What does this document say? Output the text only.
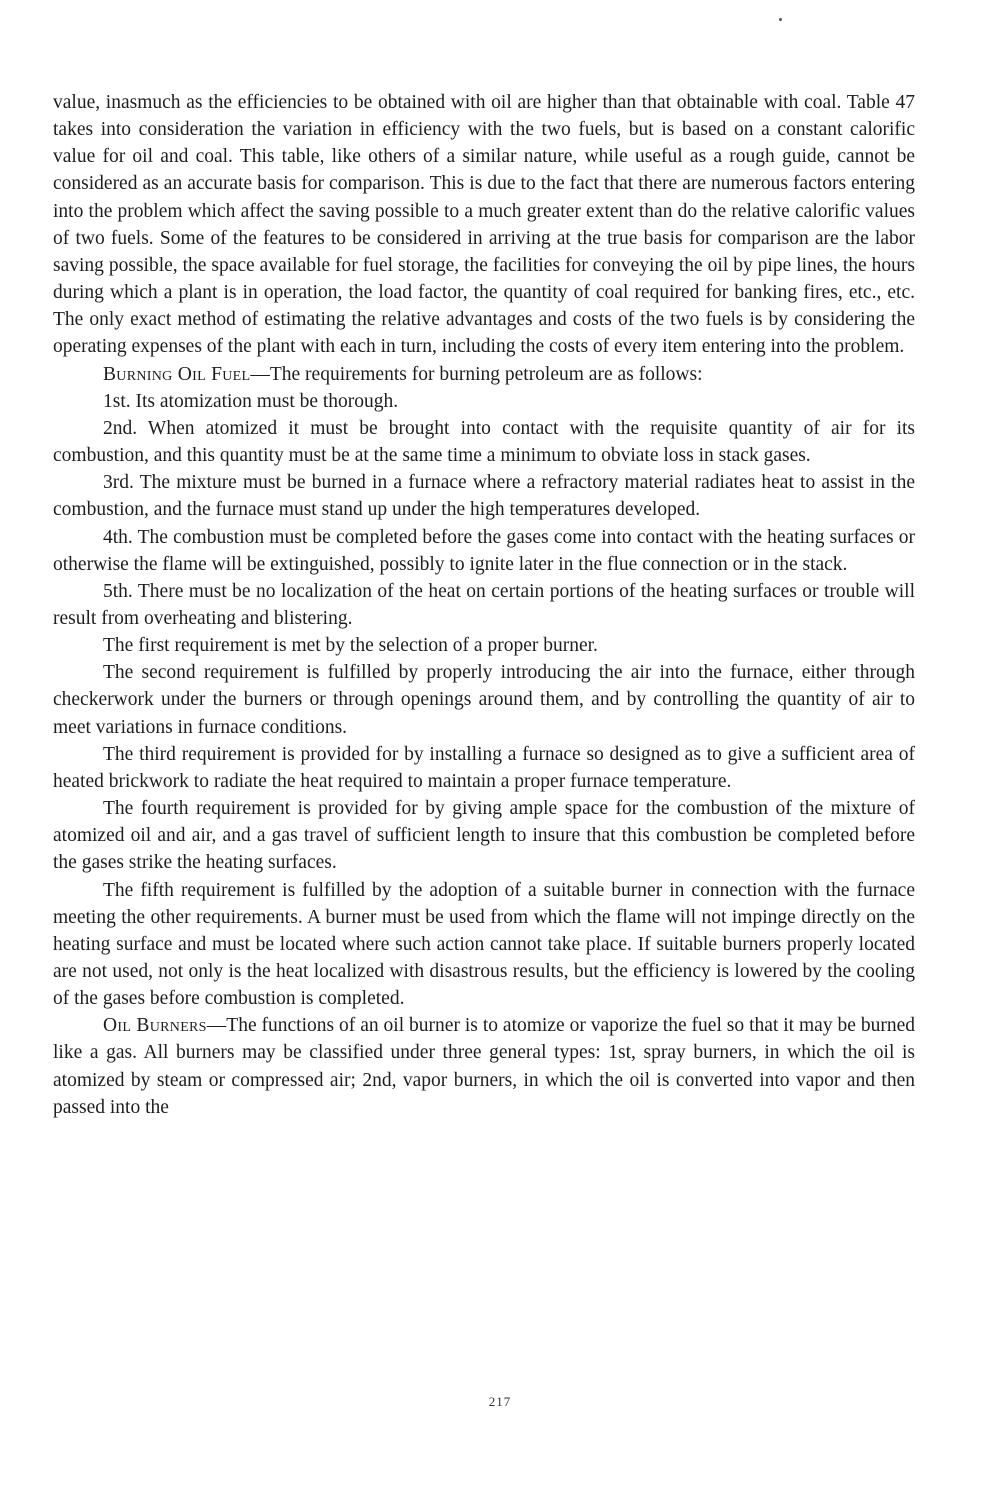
value, inasmuch as the efficiencies to be obtained with oil are higher than that obtainable with coal. Table 47 takes into consideration the variation in efficiency with the two fuels, but is based on a constant calorific value for oil and coal. This table, like others of a similar nature, while useful as a rough guide, cannot be considered as an accurate basis for comparison. This is due to the fact that there are numerous factors entering into the problem which affect the saving possible to a much greater extent than do the relative calorific values of two fuels. Some of the features to be considered in arriving at the true basis for comparison are the labor saving possible, the space available for fuel storage, the facilities for conveying the oil by pipe lines, the hours during which a plant is in operation, the load factor, the quantity of coal required for banking fires, etc., etc. The only exact method of estimating the relative advantages and costs of the two fuels is by considering the operating expenses of the plant with each in turn, including the costs of every item entering into the problem.

Burning Oil Fuel—The requirements for burning petroleum are as follows:

1st. Its atomization must be thorough.

2nd. When atomized it must be brought into contact with the requisite quantity of air for its combustion, and this quantity must be at the same time a minimum to obviate loss in stack gases.

3rd. The mixture must be burned in a furnace where a refractory material radiates heat to assist in the combustion, and the furnace must stand up under the high temperatures developed.

4th. The combustion must be completed before the gases come into contact with the heating surfaces or otherwise the flame will be extinguished, possibly to ignite later in the flue connection or in the stack.

5th. There must be no localization of the heat on certain portions of the heating surfaces or trouble will result from overheating and blistering.

The first requirement is met by the selection of a proper burner.

The second requirement is fulfilled by properly introducing the air into the furnace, either through checkerwork under the burners or through openings around them, and by controlling the quantity of air to meet variations in furnace conditions.

The third requirement is provided for by installing a furnace so designed as to give a sufficient area of heated brickwork to radiate the heat required to maintain a proper furnace temperature.

The fourth requirement is provided for by giving ample space for the combustion of the mixture of atomized oil and air, and a gas travel of sufficient length to insure that this combustion be completed before the gases strike the heating surfaces.

The fifth requirement is fulfilled by the adoption of a suitable burner in connection with the furnace meeting the other requirements. A burner must be used from which the flame will not impinge directly on the heating surface and must be located where such action cannot take place. If suitable burners properly located are not used, not only is the heat localized with disastrous results, but the efficiency is lowered by the cooling of the gases before combustion is completed.

Oil Burners—The functions of an oil burner is to atomize or vaporize the fuel so that it may be burned like a gas. All burners may be classified under three general types: 1st, spray burners, in which the oil is atomized by steam or compressed air; 2nd, vapor burners, in which the oil is converted into vapor and then passed into the

217
